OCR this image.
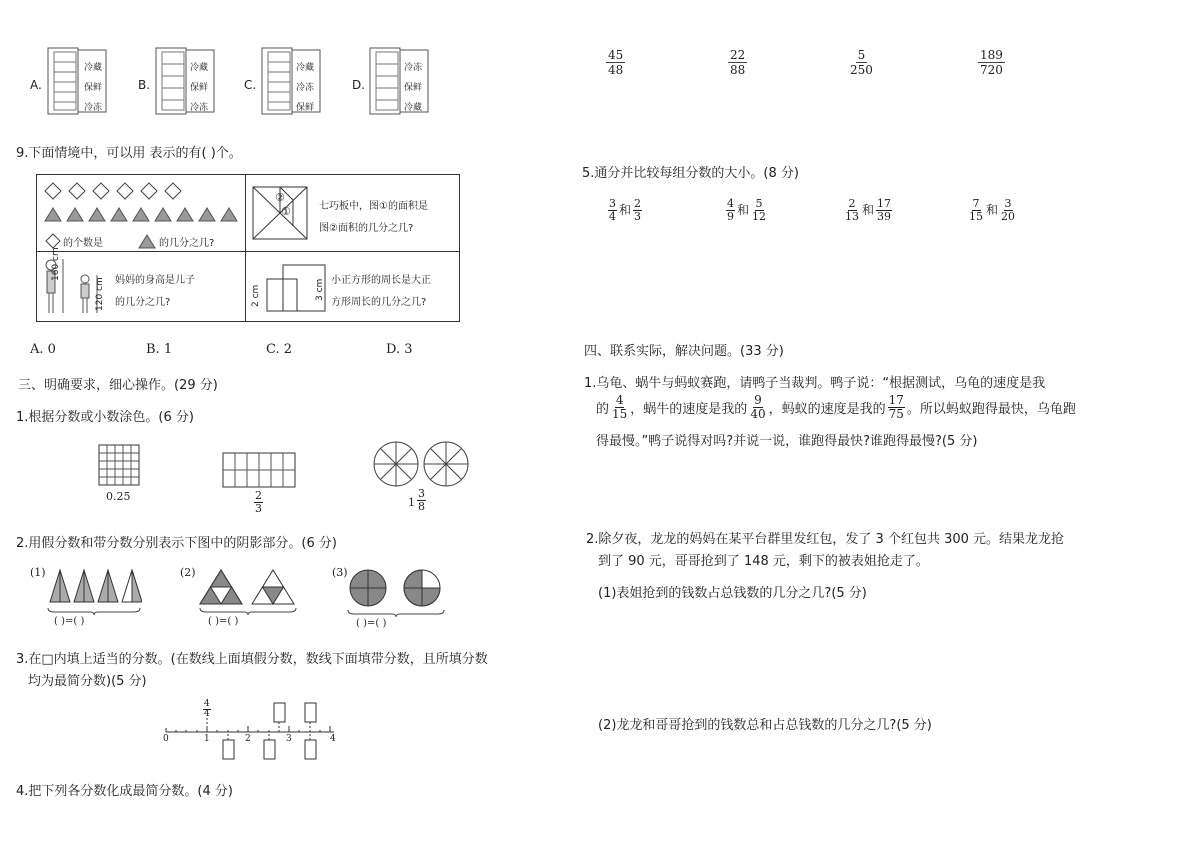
A.
冷藏
保鲜
冷冻
B.
冷藏
保鲜
冷冻
C.
冷藏
冷冻
保鲜
D.
冷冻
保鲜
冷藏
9.下面情境中，可以用 表示的有( )个。
的个数是	的几分之几?
②
①	七巧板中，图①的面积是
图②面积的几分之几?
160 cm
120 cm 妈妈的身高是儿子
的几分之几?	2 cm	3 cm 小正方形的周长是大正
方形周长的几分之几?
A. 0	B. 1	C. 2	D. 3
三、明确要求，细心操作。(29 分)
1.根据分数或小数涂色。(6 分)
0.25	$\frac{2}{3}$	$1 \frac{3}{8}$
2.用假分数和带分数分别表示下图中的阴影部分。(6 分)
(1)
( )=( )
(2)
( )=( )
(3)
( )=( )
3.在□内填上适当的分数。(在数线上面填假分数，数线下面填带分数，且所填分数
均为最简分数)(5 分)
$\frac{4}{4}$
0	1	2	3	4
4.把下列各分数化成最简分数。(4 分)
$\frac{45}{48}$	$\frac{22}{88}$	$\frac{5}{250}$	$\frac{189}{720}$
5.通分并比较每组分数的大小。(8 分)
$\frac{3}{4}$ 和 $\frac{2}{3}$	$\frac{4}{9}$ 和 $\frac{5}{12}$	$\frac{2}{13}$ 和 $\frac{17}{39}$	$\frac{7}{15}$ 和 $\frac{3}{20}$
四、联系实际，解决问题。(33 分)
1.乌龟、蜗牛与蚂蚁赛跑，请鸭子当裁判。鸭子说：“根据测试，乌龟的速度是我
的 $\frac{4}{15}$ ，蜗牛的速度是我的 $\frac{9}{40}$ ，蚂蚁的速度是我的 $\frac{17}{75}$ 。所以蚂蚁跑得最快，乌龟跑
得最慢。”鸭子说得对吗?并说一说，谁跑得最快?谁跑得最慢?(5 分)
2.除夕夜，龙龙的妈妈在某平台群里发红包，发了 3 个红包共 300 元。结果龙龙抢
到了 90 元，哥哥抢到了 148 元，剩下的被表姐抢走了。
(1)表姐抢到的钱数占总钱数的几分之几?(5 分)
(2)龙龙和哥哥抢到的钱数总和占总钱数的几分之几?(5 分)
